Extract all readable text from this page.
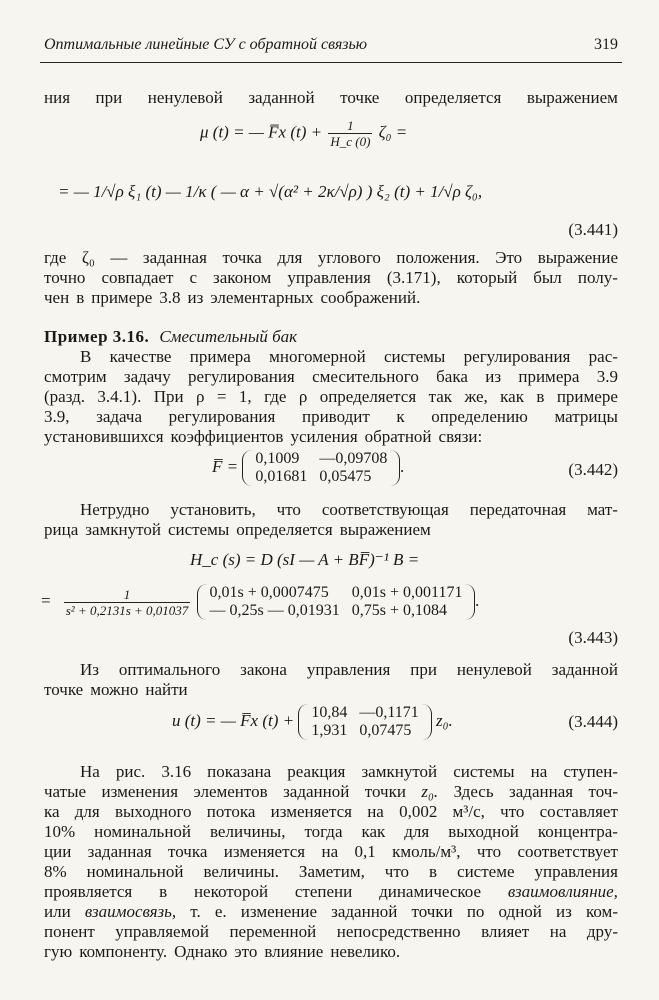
Оптимальные линейные СУ с обратной связью	319
ния при ненулевой заданной точке определяется выражением
μ (t) = — F̅x $(t) + \frac{1}{H\_c (0)} \zeta_0$ =
= — 1/√ρ ξ₁ (t) — 1/κ ( — α + √(α² + 2κ/√ρ) ) ξ₂ (t) + 1/√ρ ζ₀,
(3.441)
где ζ₀ — заданная точка для углового положения. Это выражение
точно совпадает с законом управления (3.171), который был полу-
чен в примере 3.8 из элементарных соображений.
Пример 3.16. Смесительный бак
В качестве примера многомерной системы регулирования рас-
смотрим задачу регулирования смесительного бака из примера 3.9
(разд. 3.4.1). При ρ = 1, где ρ определяется так же, как в примере
3.9, задача регулирования приводит к определению матрицы
установившихся коэффициентов усиления обратной связи:
F̅ = 0,1009	—0,09708
0,01681	0,05475
.	(3.442)
Нетрудно установить, что соответствующая передаточная мат-
рица замкнутой системы определяется выражением
H_c (s) = D (sI — A + BF̅)⁻¹ B =
= $\frac{1}{\text{s² + 0,2131s + 0,01037}}$
0,01s + 0,0007475	0,01s + 0,001171
— 0,25s — 0,01931	0,75s + 0,1084
.
(3.443)
Из оптимального закона управления при ненулевой заданной
точке можно найти
u (t) = — F̅x (t) + 10,84	—0,1171
1,931	0,07475
z₀.	(3.444)
На рис. 3.16 показана реакция замкнутой системы на ступен-
чатые изменения элементов заданной точки z₀. Здесь заданная точ-
ка для выходного потока изменяется на 0,002 м³/с, что составляет
10% номинальной величины, тогда как для выходной концентра-
ции заданная точка изменяется на 0,1 кмоль/м³, что соответствует
8% номинальной величины. Заметим, что в системе управления
проявляется в некоторой степени динамическое взаимовлияние,
или взаимосвязь, т. е. изменение заданной точки по одной из ком-
понент управляемой переменной непосредственно влияет на дру-
гую компоненту. Однако это влияние невелико.
